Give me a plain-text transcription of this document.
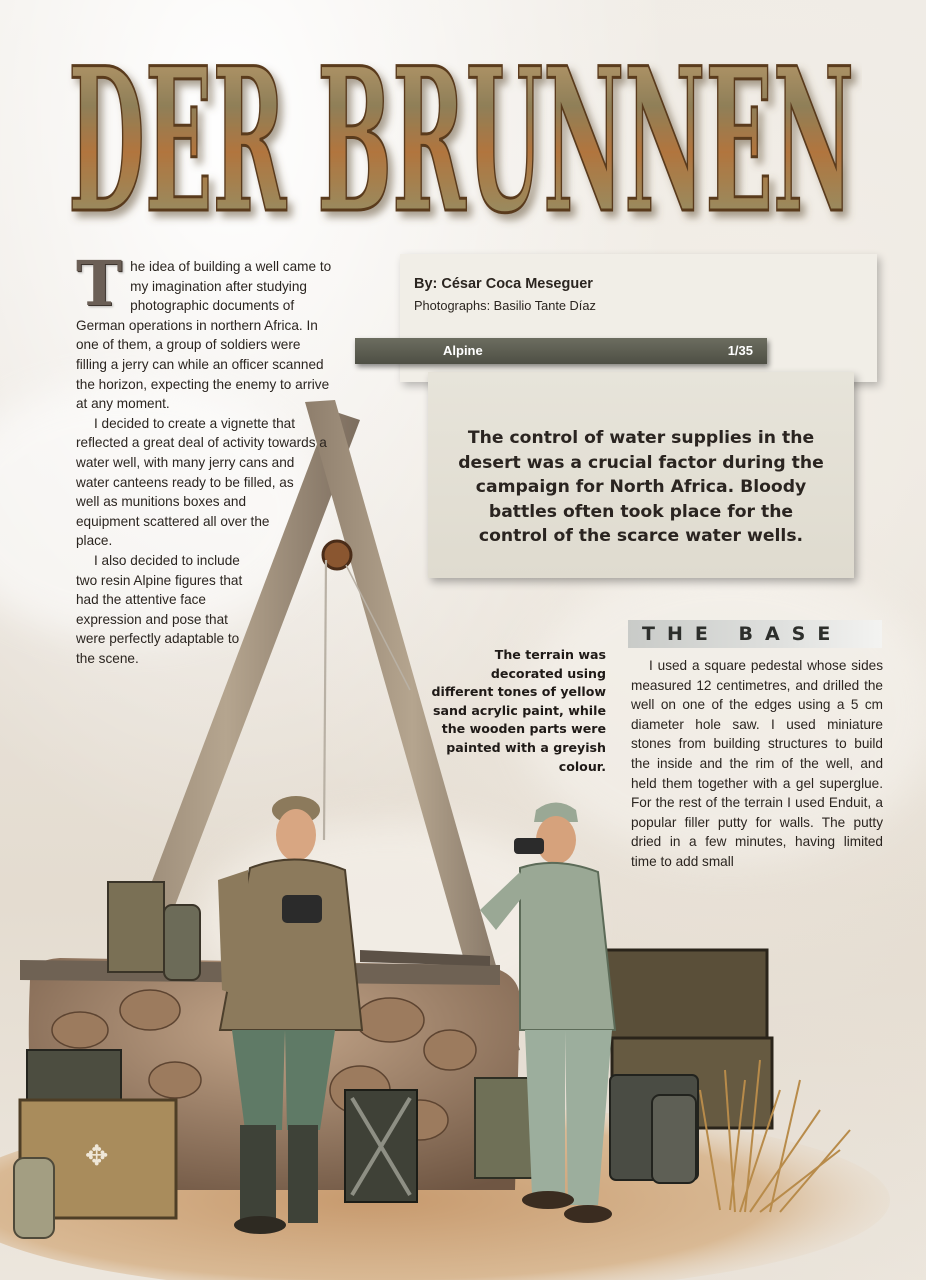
DER BRUNNEN
✥
T he idea of building a well came to my imagination after studying photographic documents of German operations in northern Africa. In one of them, a group of soldiers were filling a jerry can while an officer scanned the horizon, expecting the enemy to arrive at any moment.

I decided to create a vignette that reflected a great deal of activity towards a water well, with many jerry cans and water canteens ready to be filled, as well as munitions boxes and equipment scattered all over the place.

I also decided to include two resin Alpine figures that had the attentive face expression and pose that were perfectly adaptable to the scene.

By: César Coca Meseguer
Photographs: Basilio Tante Díaz
The control of water supplies in the desert was a crucial factor during the campaign for North Africa. Bloody battles often took place for the control of the scarce water wells.
Alpine	1/35
The terrain was decorated using different tones of yellow sand acrylic paint, while the wooden parts were painted with a greyish colour.
THE BASE
I used a square pedestal whose sides measured 12 centimetres, and drilled the well on one of the edges using a 5 cm diameter hole saw. I used miniature stones from building structures to build the inside and the rim of the well, and held them together with a gel superglue. For the rest of the terrain I used Enduit, a popular filler putty for walls. The putty dried in a few minutes, having limited time to add small
